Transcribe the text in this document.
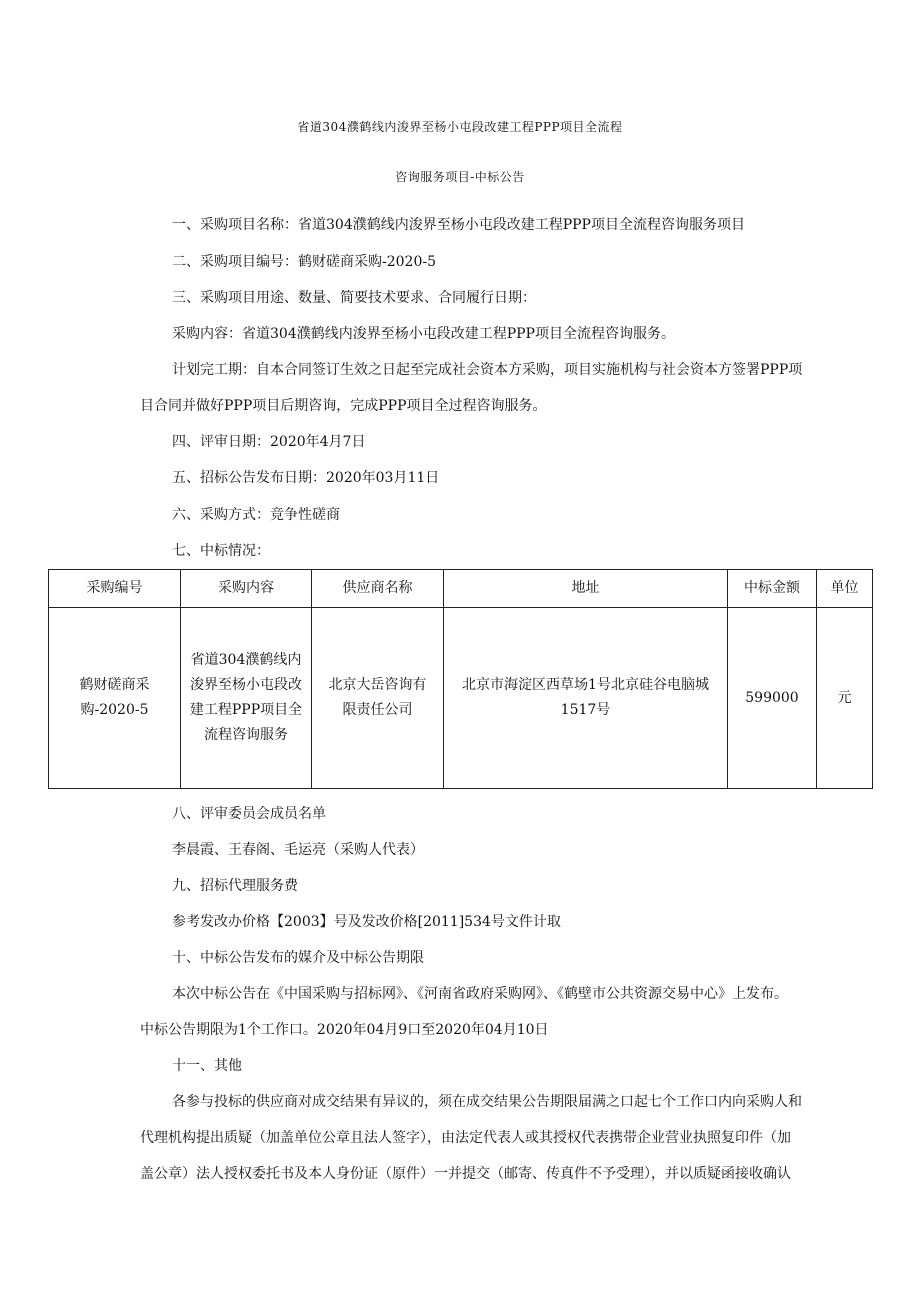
省道304濮鹤线内浚界至杨小屯段改建工程PPP项目全流程
咨询服务项目-中标公告
一、采购项目名称：省道304濮鹤线内浚界至杨小屯段改建工程PPP项目全流程咨询服务项目
二、采购项目编号：鹤财磋商采购-2020-5
三、采购项目用途、数量、简要技术要求、合同履行日期：
采购内容：省道304濮鹤线内浚界至杨小屯段改建工程PPP项目全流程咨询服务。
计划完工期：自本合同签订生效之日起至完成社会资本方采购，项目实施机构与社会资本方签署PPP项
目合同并做好PPP项目后期咨询，完成PPP项目全过程咨询服务。
四、评审日期：2020年4月7日
五、招标公告发布日期：2020年03月11日
六、采购方式：竞争性磋商
七、中标情况：
采购编号	采购内容	供应商名称	地址	中标金额	单位
鹤财磋商采购-2020-5	省道304濮鹤线内浚界至杨小屯段改建工程PPP项目全流程咨询服务	北京大岳咨询有限责任公司	北京市海淀区西草场1号北京硅谷电脑城1517号	599000	元
八、评审委员会成员名单
李晨霞、王春阁、毛运亮（采购人代表）
九、招标代理服务费
参考发改办价格【2003】号及发改价格[2011]534号文件计取
十、中标公告发布的媒介及中标公告期限
本次中标公告在《中国采购与招标网》、《河南省政府采购网》、《鹤壁市公共资源交易中心》上发布。
中标公告期限为1个工作口。2020年04月9口至2020年04月10日
十一、其他
各参与投标的供应商对成交结果有异议的，须在成交结果公告期限届满之口起七个工作口内向采购人和
代理机构提出质疑（加盖单位公章且法人签字），由法定代表人或其授权代表携带企业营业执照复印件（加
盖公章）法人授权委托书及本人身份证（原件）一并提交（邮寄、传真件不予受理），并以质疑函接收确认
